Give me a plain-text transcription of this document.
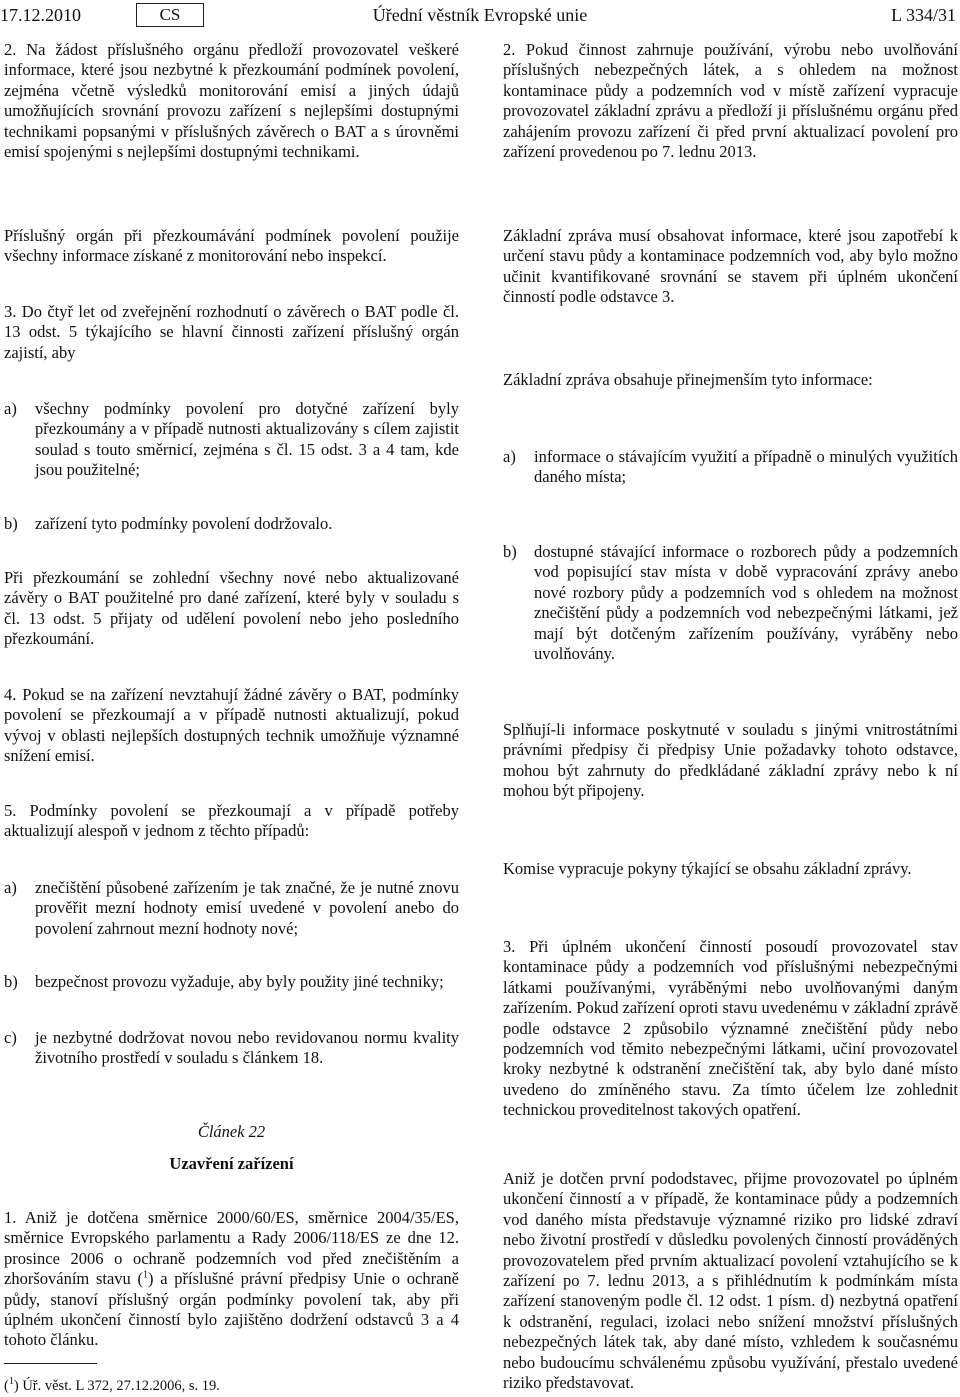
17.12.2010	CS	Úřední věstník Evropské unie	L 334/31

2. Na žádost příslušného orgánu předloží provozovatel veškeré informace, které jsou nezbytné k přezkoumání podmínek povolení, zejména včetně výsledků monitorování emisí a jiných údajů umožňujících srovnání provozu zařízení s nejlepšími dostupnými technikami popsanými v příslušných závěrech o BAT a s úrovněmi emisí spojenými s nejlepšími dostupnými technikami.

Příslušný orgán při přezkoumávání podmínek povolení použije všechny informace získané z monitorování nebo inspekcí.

3. Do čtyř let od zveřejnění rozhodnutí o závěrech o BAT podle čl. 13 odst. 5 týkajícího se hlavní činnosti zařízení příslušný orgán zajistí, aby

a) všechny podmínky povolení pro dotyčné zařízení byly přezkoumány a v případě nutnosti aktualizovány s cílem zajistit soulad s touto směrnicí, zejména s čl. 15 odst. 3 a 4 tam, kde jsou použitelné;
b) zařízení tyto podmínky povolení dodržovalo.

Při přezkoumání se zohlední všechny nové nebo aktualizované závěry o BAT použitelné pro dané zařízení, které byly v souladu s čl. 13 odst. 5 přijaty od udělení povolení nebo jeho posledního přezkoumání.

4. Pokud se na zařízení nevztahují žádné závěry o BAT, podmínky povolení se přezkoumají a v případě nutnosti aktualizují, pokud vývoj v oblasti nejlepších dostupných technik umožňuje významné snížení emisí.

5. Podmínky povolení se přezkoumají a v případě potřeby aktualizují alespoň v jednom z těchto případů:

a) znečištění působené zařízením je tak značné, že je nutné znovu prověřit mezní hodnoty emisí uvedené v povolení anebo do povolení zahrnout mezní hodnoty nové;
b) bezpečnost provozu vyžaduje, aby byly použity jiné techniky;
c) je nezbytné dodržovat novou nebo revidovanou normu kvality životního prostředí v souladu s článkem 18.
Článek 22
Uzavření zařízení

1. Aniž je dotčena směrnice 2000/60/ES, směrnice 2004/35/ES, směrnice Evropského parlamentu a Rady 2006/118/ES ze dne 12. prosince 2006 o ochraně podzemních vod před znečištěním a zhoršováním stavu ($^1$) a příslušné právní předpisy Unie o ochraně půdy, stanoví příslušný orgán podmínky povolení tak, aby při úplném ukončení činností bylo zajištěno dodržení odstavců 3 a 4 tohoto článku.

($^1$) Úř. věst. L 372, 27.12.2006, s. 19.

2. Pokud činnost zahrnuje používání, výrobu nebo uvolňování příslušných nebezpečných látek, a s ohledem na možnost kontaminace půdy a podzemních vod v místě zařízení vypracuje provozovatel základní zprávu a předloží ji příslušnému orgánu před zahájením provozu zařízení či před první aktualizací povolení pro zařízení provedenou po 7. lednu 2013.

Základní zpráva musí obsahovat informace, které jsou zapotřebí k určení stavu půdy a kontaminace podzemních vod, aby bylo možno učinit kvantifikované srovnání se stavem při úplném ukončení činností podle odstavce 3.

Základní zpráva obsahuje přinejmenším tyto informace:

a) informace o stávajícím využití a případně o minulých využitích daného místa;
b) dostupné stávající informace o rozborech půdy a podzemních vod popisující stav místa v době vypracování zprávy anebo nové rozbory půdy a podzemních vod s ohledem na možnost znečištění půdy a podzemních vod nebezpečnými látkami, jež mají být dotčeným zařízením používány, vyráběny nebo uvolňovány.

Splňují-li informace poskytnuté v souladu s jinými vnitrostátními právními předpisy či předpisy Unie požadavky tohoto odstavce, mohou být zahrnuty do předkládané základní zprávy nebo k ní mohou být připojeny.

Komise vypracuje pokyny týkající se obsahu základní zprávy.

3. Při úplném ukončení činností posoudí provozovatel stav kontaminace půdy a podzemních vod příslušnými nebezpečnými látkami používanými, vyráběnými nebo uvolňovanými daným zařízením. Pokud zařízení oproti stavu uvedenému v základní zprávě podle odstavce 2 způsobilo významné znečištění půdy nebo podzemních vod těmito nebezpečnými látkami, učiní provozovatel kroky nezbytné k odstranění znečištění tak, aby bylo dané místo uvedeno do zmíněného stavu. Za tímto účelem lze zohlednit technickou proveditelnost takových opatření.

Aniž je dotčen první pododstavec, přijme provozovatel po úplném ukončení činností a v případě, že kontaminace půdy a podzemních vod daného místa představuje významné riziko pro lidské zdraví nebo životní prostředí v důsledku povolených činností prováděných provozovatelem před prvním aktualizací povolení vztahujícího se k zařízení po 7. lednu 2013, a s přihlédnutím k podmínkám místa zařízení stanoveným podle čl. 12 odst. 1 písm. d) nezbytná opatření k odstranění, regulaci, izolaci nebo snížení množství příslušných nebezpečných látek tak, aby dané místo, vzhledem k současnému nebo budoucímu schválenému způsobu využívání, přestalo uvedené riziko představovat.
